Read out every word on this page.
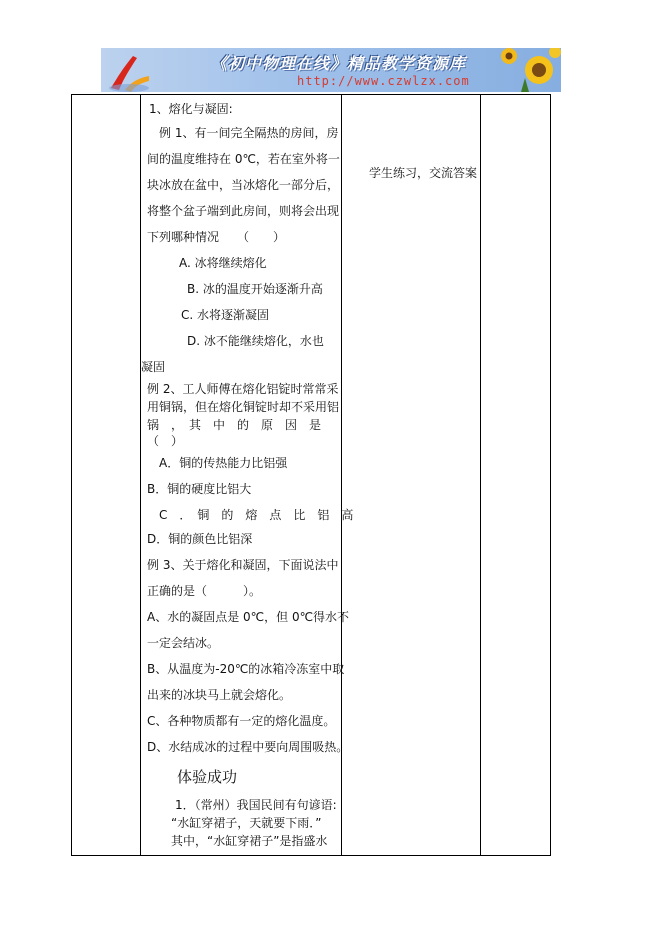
《初中物理在线》精品教学资源库
http://www.czwlzx.com
1、熔化与凝固:
例 1、有一间完全隔热的房间，房
间的温度维持在 0℃，若在室外将一
块冰放在盆中，当冰熔化一部分后，
将整个盆子端到此房间，则将会出现
下列哪种情况　　（　　）
A. 冰将继续熔化
B. 冰的温度开始逐渐升高
C. 水将逐渐凝固
D. 冰不能继续熔化，水也
凝固
例 2、工人师傅在熔化铝锭时常常采
用铜锅，但在熔化铜锭时却不采用铝
锅　，　其　中　的　原　因　是
（　）
A．铜的传热能力比铝强
B．铜的硬度比铝大
C　．　铜　的　熔　点　比　铝　高
D．铜的颜色比铝深
例 3、关于熔化和凝固，下面说法中
正确的是（　　　）。
A、水的凝固点是 0℃，但 0℃得水不
一定会结冰。
B、从温度为-20℃的冰箱冷冻室中取
出来的冰块马上就会熔化。
C、各种物质都有一定的熔化温度。
D、水结成冰的过程中要向周围吸热。
体验成功
1．（常州）我国民间有句谚语:
“水缸穿裙子，天就要下雨．”
其中，“水缸穿裙子”是指盛水
学生练习，交流答案
